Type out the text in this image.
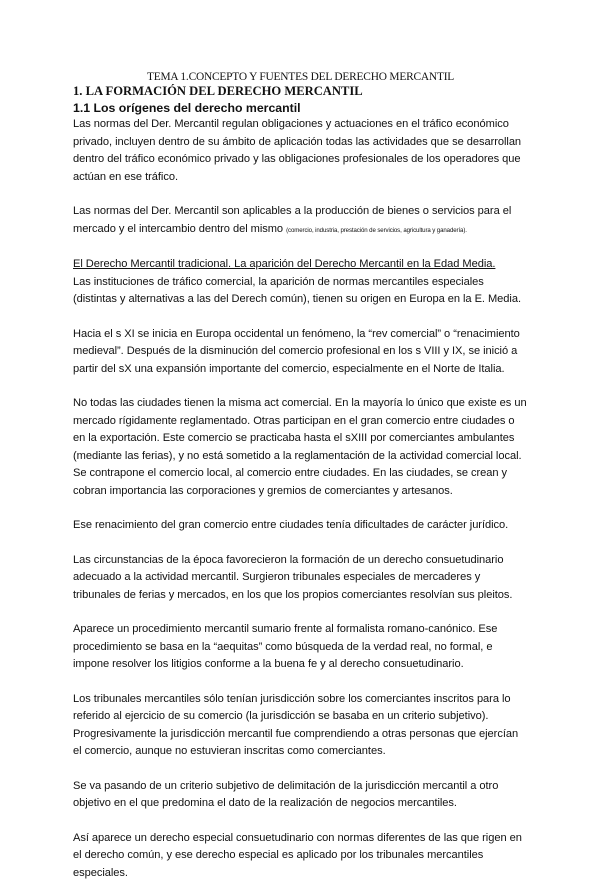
TEMA 1.CONCEPTO Y FUENTES DEL DERECHO MERCANTIL
1. LA FORMACIÓN DEL DERECHO MERCANTIL
1.1 Los orígenes del derecho mercantil

Las normas del Der. Mercantil regulan obligaciones y actuaciones en el tráfico económico privado, incluyen dentro de su ámbito de aplicación todas las actividades que se desarrollan dentro del tráfico económico privado y las obligaciones profesionales de los operadores que actúan en ese tráfico.

Las normas del Der. Mercantil son aplicables a la producción de bienes o servicios para el mercado y el intercambio dentro del mismo (comercio, industria, prestación de servicios, agricultura y ganadería).

El Derecho Mercantil tradicional. La aparición del Derecho Mercantil en la Edad Media.

Las instituciones de tráfico comercial, la aparición de normas mercantiles especiales (distintas y alternativas a las del Derech común), tienen su origen en Europa en la E. Media.

Hacia el s XI se inicia en Europa occidental un fenómeno, la “rev comercial” o “renacimiento medieval”. Después de la disminución del comercio profesional en los s VIII y IX, se inició a partir del sX una expansión importante del comercio, especialmente en el Norte de Italia.

No todas las ciudades tienen la misma act comercial. En la mayoría lo único que existe es un mercado rígidamente reglamentado. Otras participan en el gran comercio entre ciudades o en la exportación. Este comercio se practicaba hasta el sXIII por comerciantes ambulantes (mediante las ferias), y no está sometido a la reglamentación de la actividad comercial local. Se contrapone el comercio local, al comercio entre ciudades. En las ciudades, se crean y cobran importancia las corporaciones y gremios de comerciantes y artesanos.

Ese renacimiento del gran comercio entre ciudades tenía dificultades de carácter jurídico.

Las circunstancias de la época favorecieron la formación de un derecho consuetudinario adecuado a la actividad mercantil. Surgieron tribunales especiales de mercaderes y tribunales de ferias y mercados, en los que los propios comerciantes resolvían sus pleitos.

Aparece un procedimiento mercantil sumario frente al formalista romano-canónico. Ese procedimiento se basa en la “aequitas” como búsqueda de la verdad real, no formal, e impone resolver los litigios conforme a la buena fe y al derecho consuetudinario.

Los tribunales mercantiles sólo tenían jurisdicción sobre los comerciantes inscritos para lo referido al ejercicio de su comercio (la jurisdicción se basaba en un criterio subjetivo). Progresivamente la jurisdicción mercantil fue comprendiendo a otras personas que ejercían el comercio, aunque no estuvieran inscritas como comerciantes.

Se va pasando de un criterio subjetivo de delimitación de la jurisdicción mercantil a otro objetivo en el que predomina el dato de la realización de negocios mercantiles.

Así aparece un derecho especial consuetudinario con normas diferentes de las que rigen en el derecho común, y ese derecho especial es aplicado por los tribunales mercantiles especiales.
